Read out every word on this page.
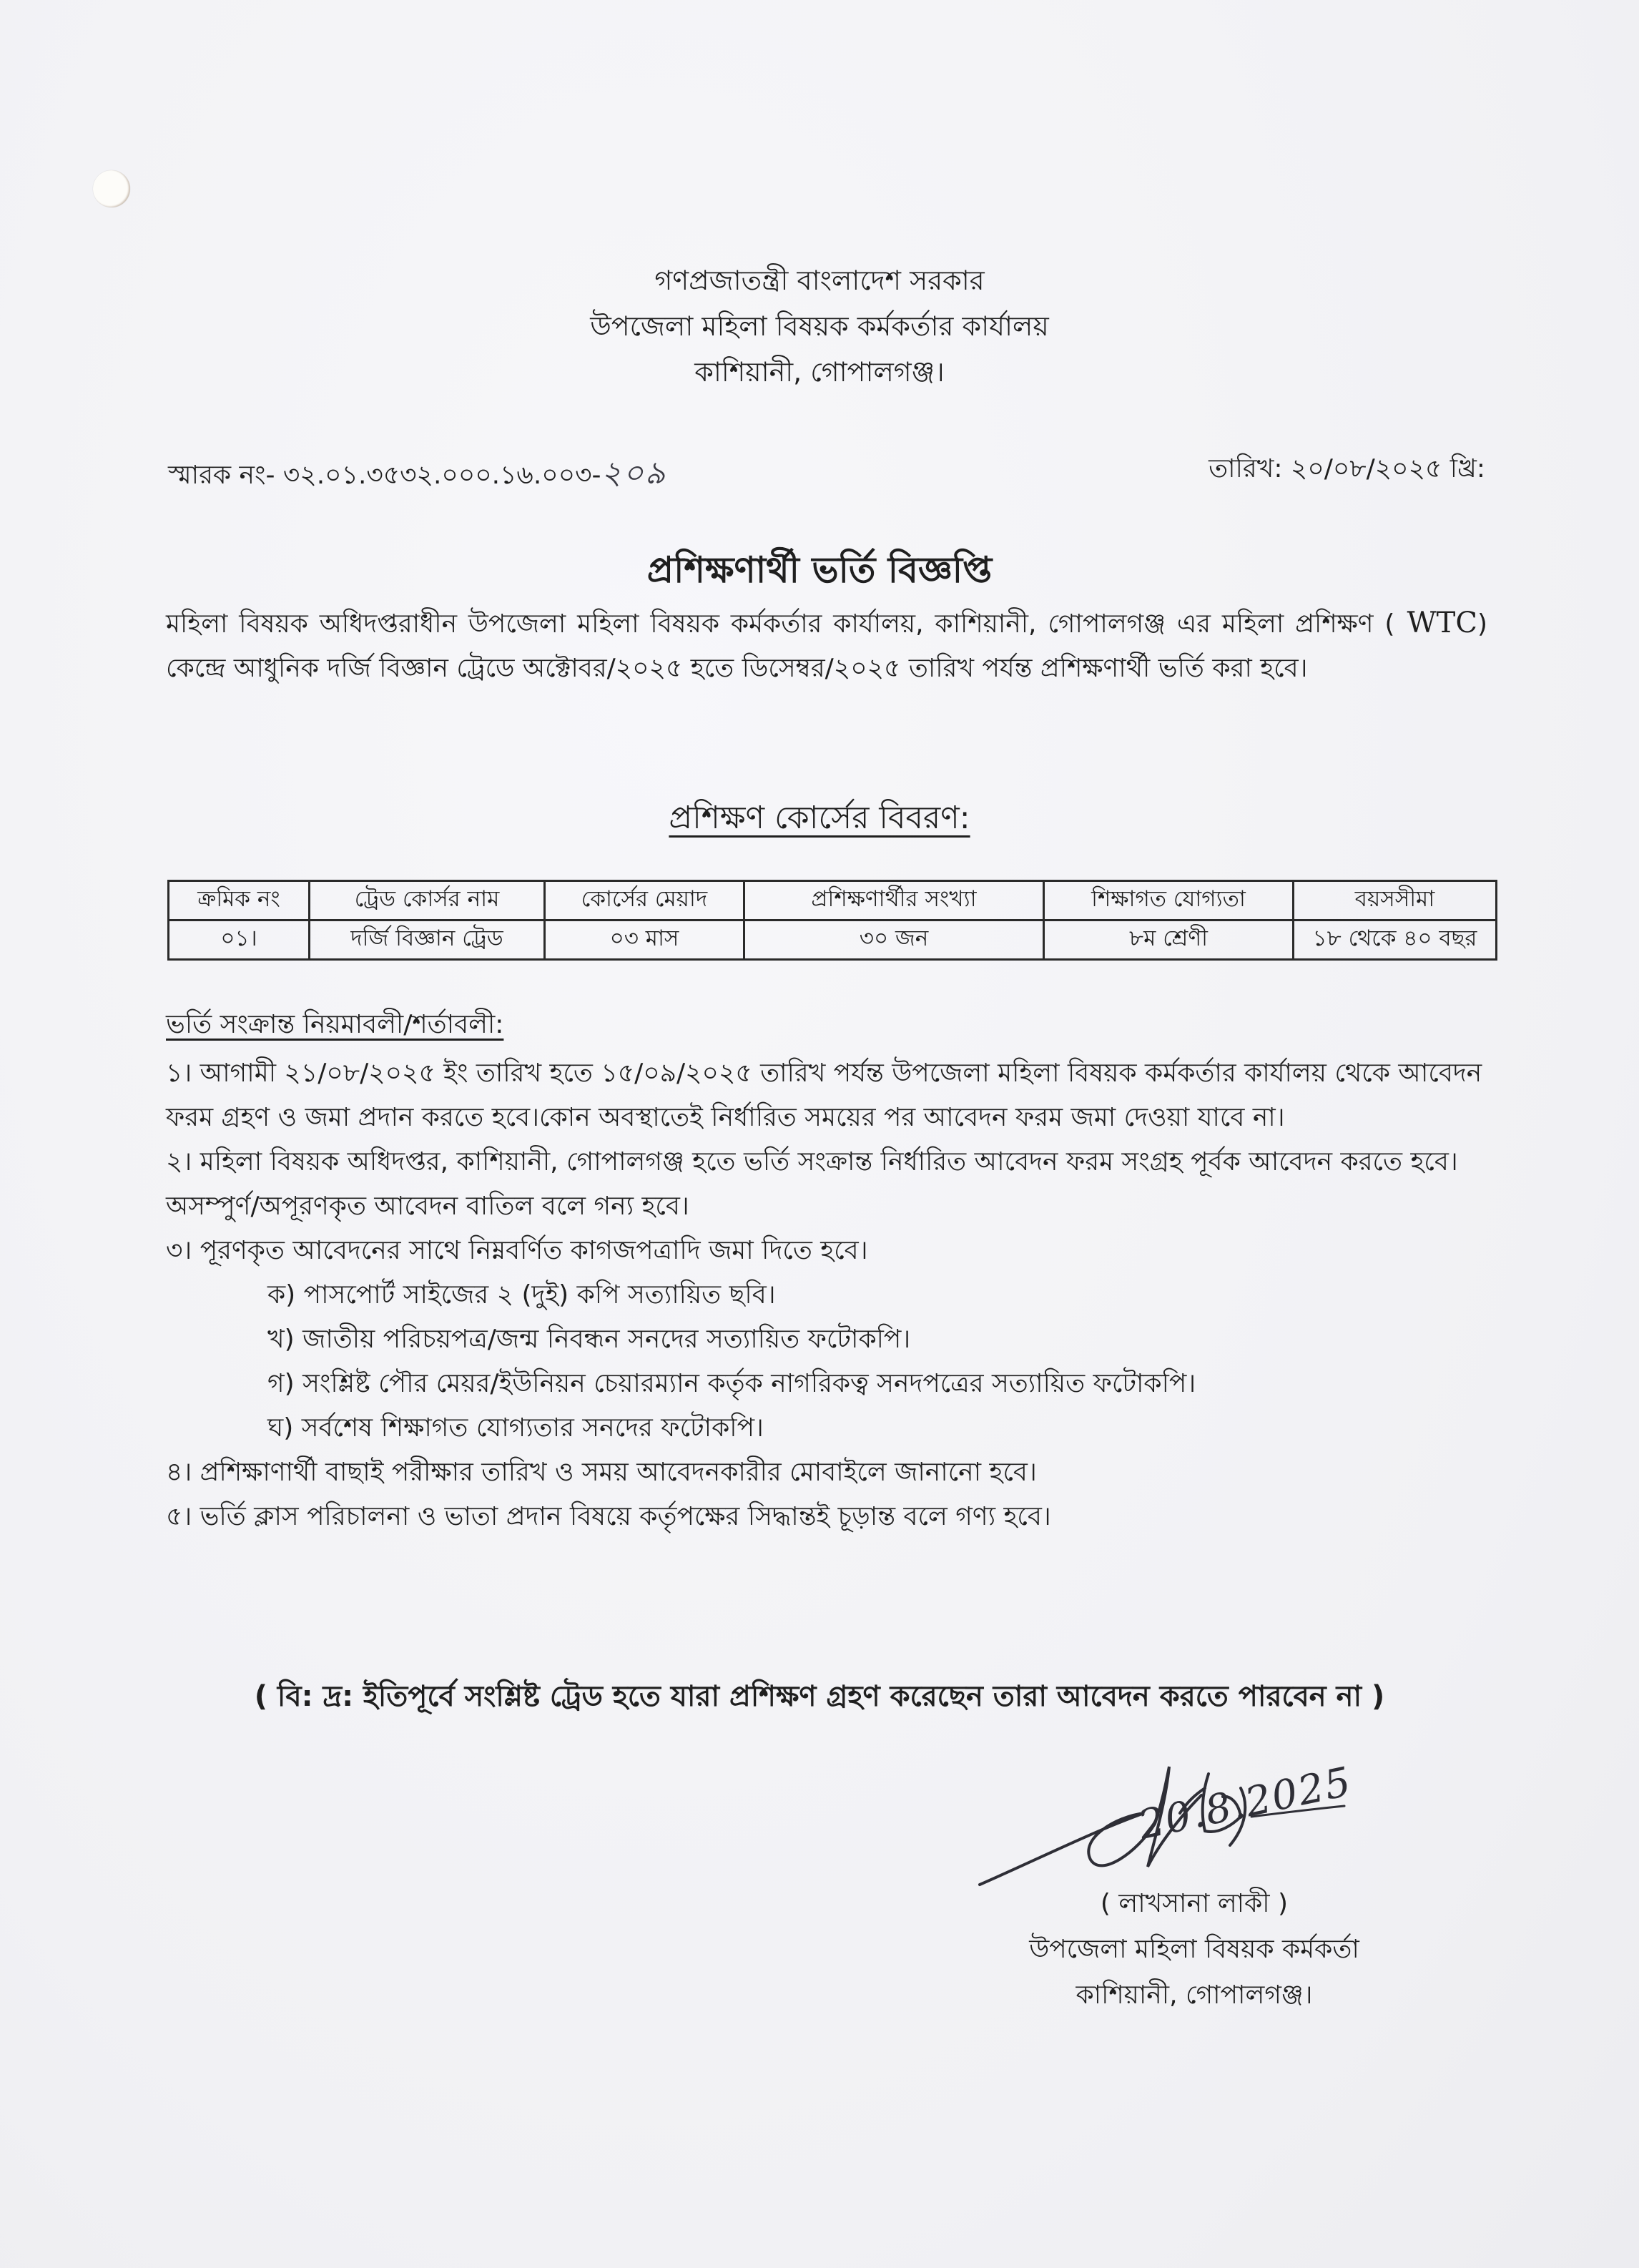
গণপ্রজাতন্ত্রী বাংলাদেশ সরকার
উপজেলা মহিলা বিষয়ক কর্মকর্তার কার্যালয়
কাশিয়ানী, গোপালগঞ্জ।
স্মারক নং- ৩২.০১.৩৫৩২.০০০.১৬.০০৩-২০৯	তারিখ: ২০/০৮/২০২৫ খ্রি:
প্রশিক্ষণার্থী ভর্তি বিজ্ঞপ্তি
মহিলা বিষয়ক অধিদপ্তরাধীন উপজেলা মহিলা বিষয়ক কর্মকর্তার কার্যালয়, কাশিয়ানী, গোপালগঞ্জ এর মহিলা প্রশিক্ষণ ( WTC) কেন্দ্রে আধুনিক দর্জি বিজ্ঞান ট্রেডে অক্টোবর/২০২৫ হতে ডিসেম্বর/২০২৫ তারিখ পর্যন্ত প্রশিক্ষণার্থী ভর্তি করা হবে।
প্রশিক্ষণ কোর্সের বিবরণ:
ক্রমিক নং	ট্রেড কোর্সর নাম	কোর্সের মেয়াদ	প্রশিক্ষণার্থীর সংখ্যা	শিক্ষাগত যোগ্যতা	বয়সসীমা
০১।	দর্জি বিজ্ঞান ট্রেড	০৩ মাস	৩০ জন	৮ম শ্রেণী	১৮ থেকে ৪০ বছর
ভর্তি সংক্রান্ত নিয়মাবলী/শর্তাবলী:

১। আগামী ২১/০৮/২০২৫ ইং তারিখ হতে ১৫/০৯/২০২৫ তারিখ পর্যন্ত উপজেলা মহিলা বিষয়ক কর্মকর্তার কার্যালয় থেকে আবেদন ফরম গ্রহণ ও জমা প্রদান করতে হবে।কোন অবস্থাতেই নির্ধারিত সময়ের পর আবেদন ফরম জমা দেওয়া যাবে না।

২। মহিলা বিষয়ক অধিদপ্তর, কাশিয়ানী, গোপালগঞ্জ হতে ভর্তি সংক্রান্ত নির্ধারিত আবেদন ফরম সংগ্রহ পূর্বক আবেদন করতে হবে। অসম্পুর্ণ/অপূরণকৃত আবেদন বাতিল বলে গন্য হবে।

৩। পূরণকৃত আবেদনের সাথে নিম্নবর্ণিত কাগজপত্রাদি জমা দিতে হবে।

ক) পাসপোর্ট সাইজের ২ (দুই) কপি সত্যায়িত ছবি।

খ) জাতীয় পরিচয়পত্র/জন্ম নিবন্ধন সনদের সত্যায়িত ফটোকপি।

গ) সংশ্লিষ্ট পৌর মেয়র/ইউনিয়ন চেয়ারম্যান কর্তৃক নাগরিকত্ব সনদপত্রের সত্যায়িত ফটোকপি।

ঘ) সর্বশেষ শিক্ষাগত যোগ্যতার সনদের ফটোকপি।

৪। প্রশিক্ষাণার্থী বাছাই পরীক্ষার তারিখ ও সময় আবেদনকারীর মোবাইলে জানানো হবে।

৫। ভর্তি ক্লাস পরিচালনা ও ভাতা প্রদান বিষয়ে কর্তৃপক্ষের সিদ্ধান্তই চূড়ান্ত বলে গণ্য হবে।

( বি: দ্র: ইতিপূর্বে সংশ্লিষ্ট ট্রেড হতে যারা প্রশিক্ষণ গ্রহণ করেছেন তারা আবেদন করতে পারবেন না )
20.8.2025
( লাখসানা লাকী )
উপজেলা মহিলা বিষয়ক কর্মকর্তা
কাশিয়ানী, গোপালগঞ্জ।
